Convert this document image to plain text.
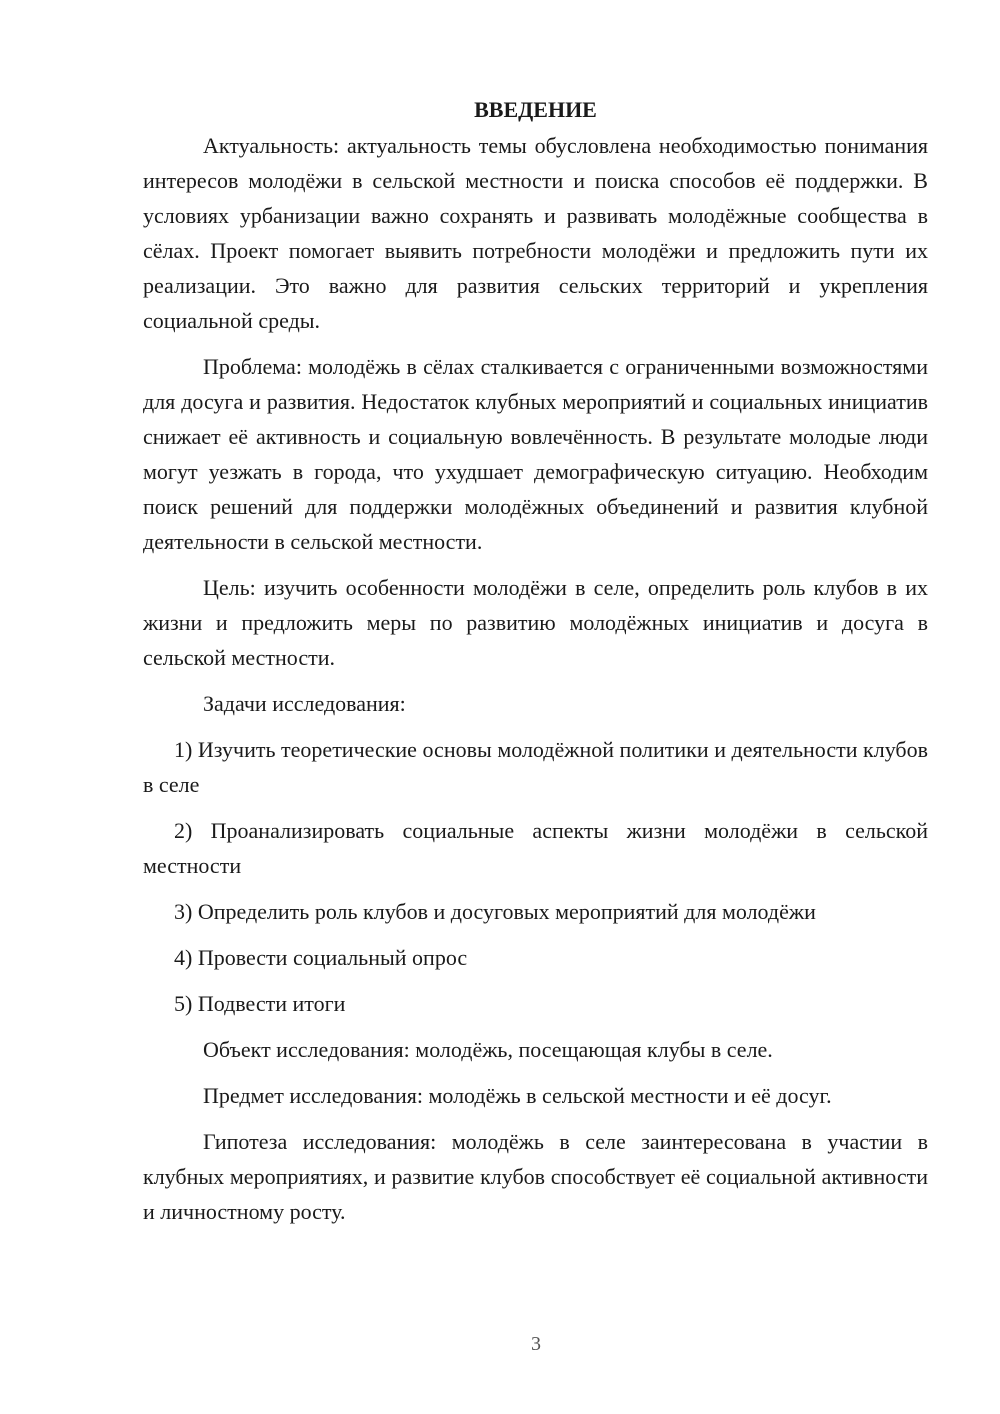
ВВЕДЕНИЕ

Актуальность: актуальность темы обусловлена необходимостью понимания интересов молодёжи в сельской местности и поиска способов её поддержки. В условиях урбанизации важно сохранять и развивать молодёжные сообщества в сёлах. Проект помогает выявить потребности молодёжи и предложить пути их реализации. Это важно для развития сельских территорий и укрепления социальной среды.

Проблема: молодёжь в сёлах сталкивается с ограниченными возможностями для досуга и развития. Недостаток клубных мероприятий и социальных инициатив снижает её активность и социальную вовлечённость. В результате молодые люди могут уезжать в города, что ухудшает демографическую ситуацию. Необходим поиск решений для поддержки молодёжных объединений и развития клубной деятельности в сельской местности.

Цель: изучить особенности молодёжи в селе, определить роль клубов в их жизни и предложить меры по развитию молодёжных инициатив и досуга в сельской местности.

Задачи исследования:

1) Изучить теоретические основы молодёжной политики и деятельности клубов в селе

2) Проанализировать социальные аспекты жизни молодёжи в сельской местности

3) Определить роль клубов и досуговых мероприятий для молодёжи

4) Провести социальный опрос

5) Подвести итоги

Объект исследования: молодёжь, посещающая клубы в селе.

Предмет исследования: молодёжь в сельской местности и её досуг.

Гипотеза исследования: молодёжь в селе заинтересована в участии в клубных мероприятиях, и развитие клубов способствует её социальной активности и личностному росту.

3
